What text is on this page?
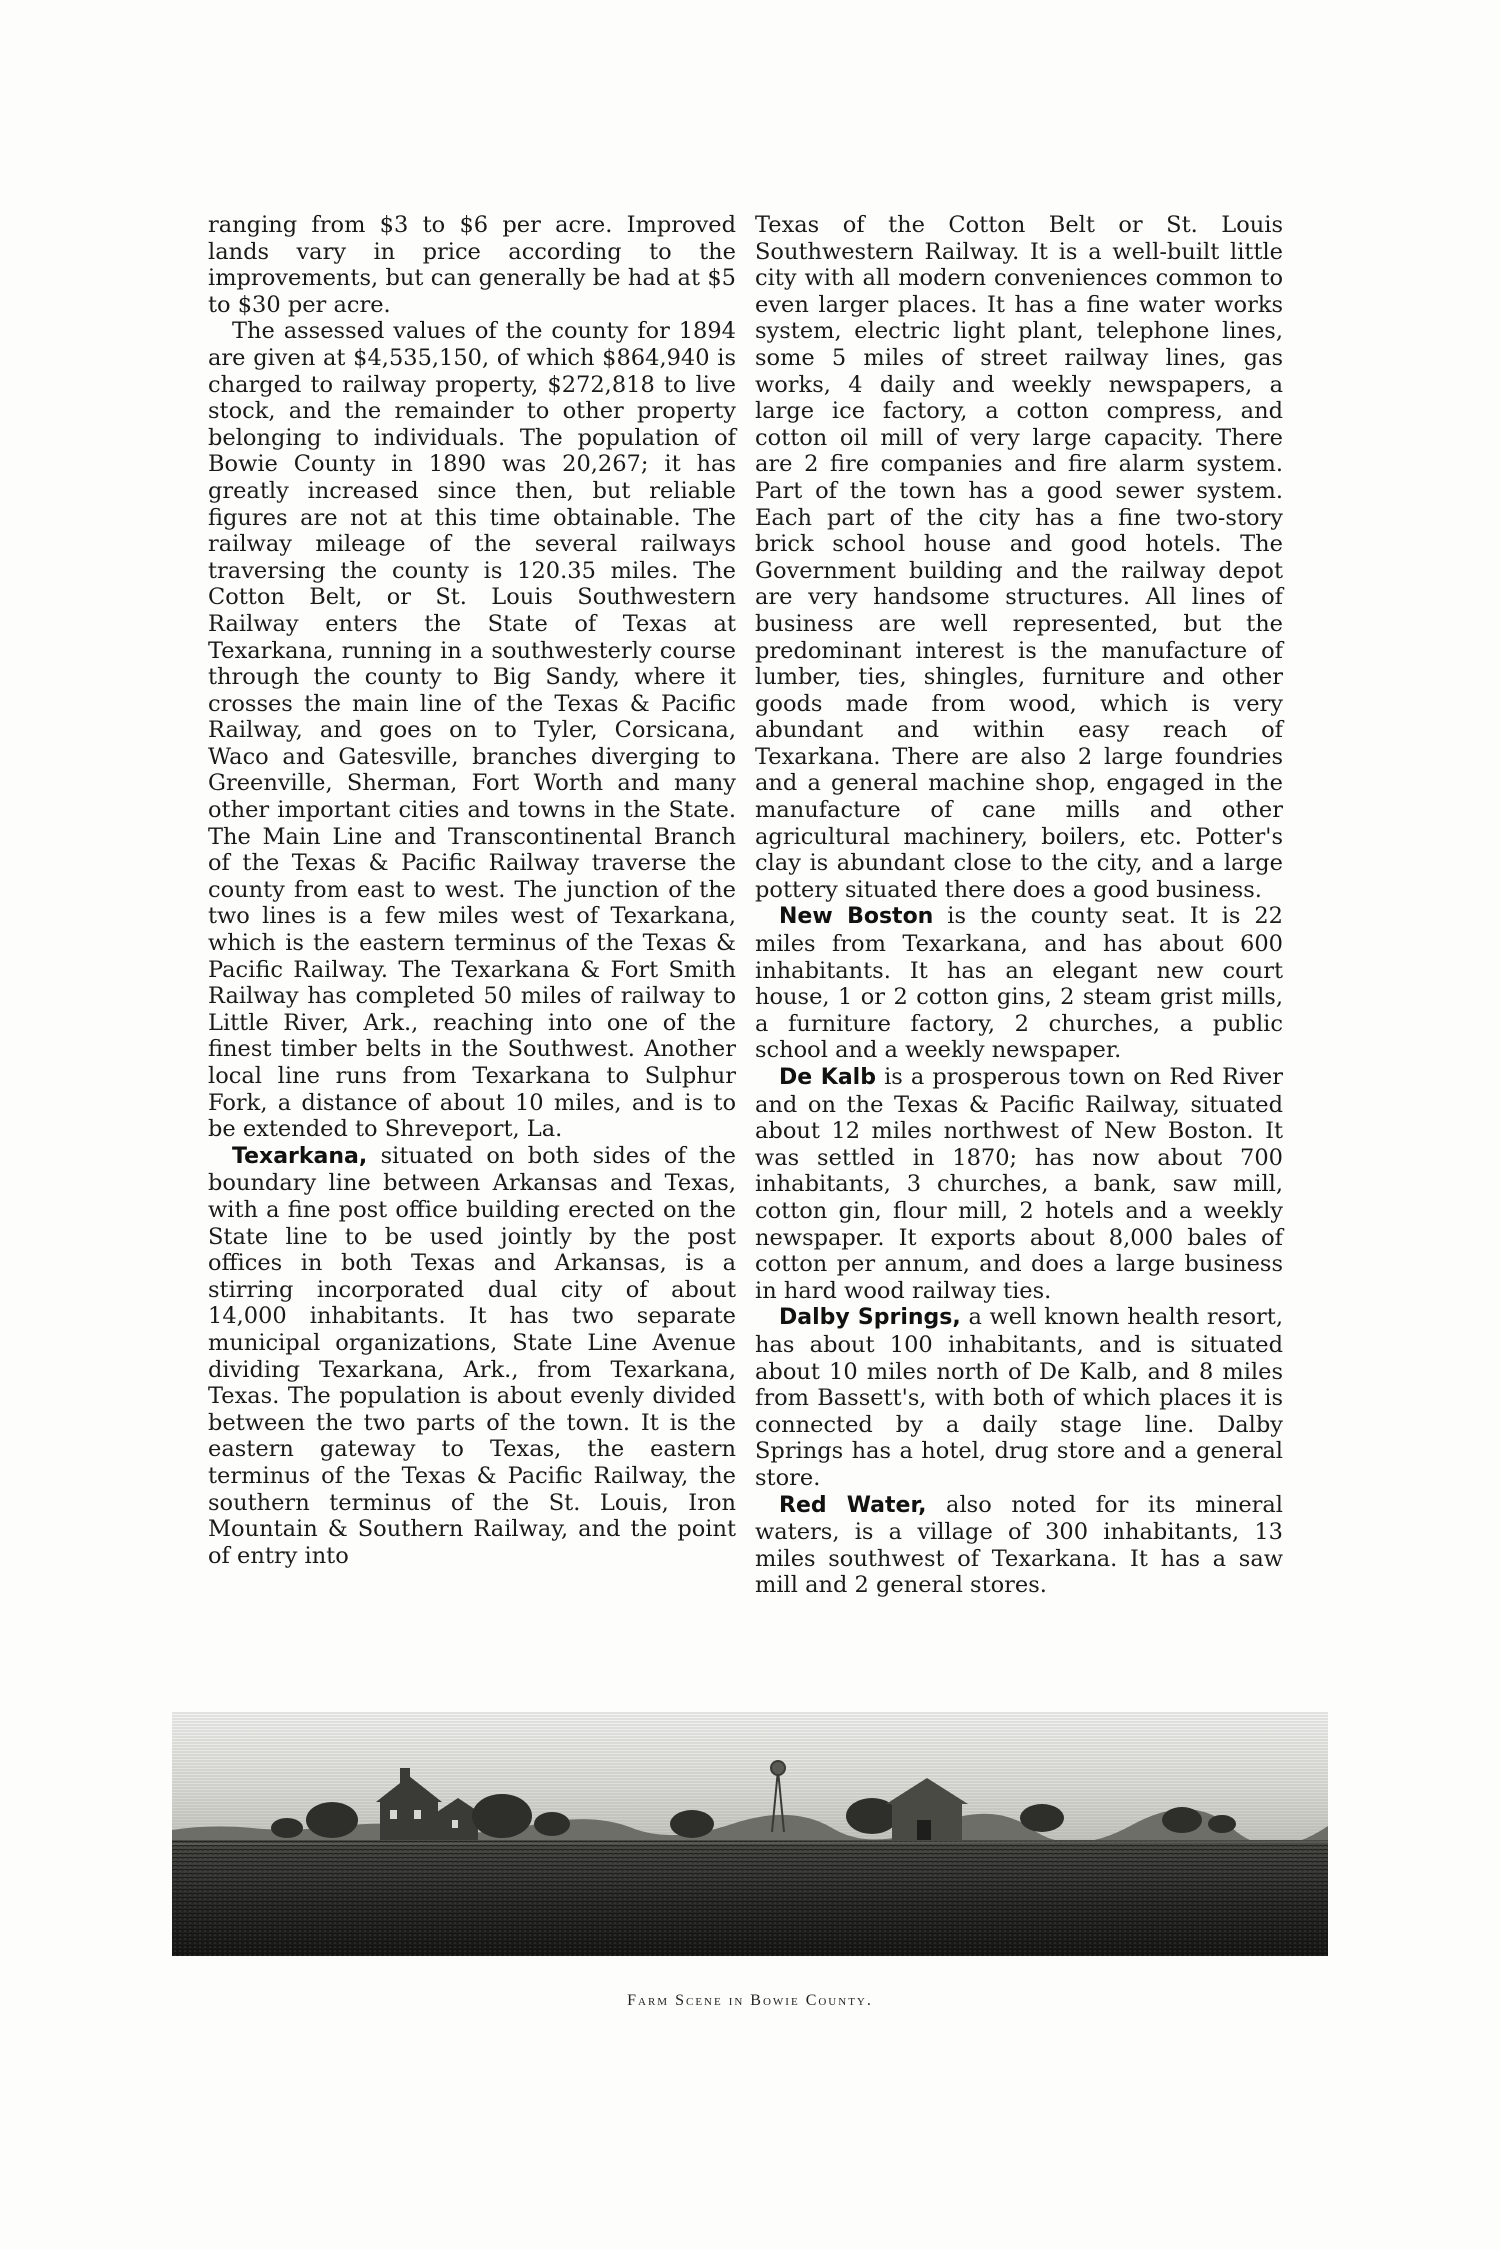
ranging from $3 to $6 per acre. Improved lands vary in price according to the improvements, but can generally be had at $5 to $30 per acre.

The assessed values of the county for 1894 are given at $4,535,150, of which $864,940 is charged to railway property, $272,818 to live stock, and the remainder to other property belonging to individuals. The population of Bowie County in 1890 was 20,267; it has greatly increased since then, but reliable figures are not at this time obtainable. The railway mileage of the several railways traversing the county is 120.35 miles. The Cotton Belt, or St. Louis Southwestern Railway enters the State of Texas at Texarkana, running in a southwesterly course through the county to Big Sandy, where it crosses the main line of the Texas & Pacific Railway, and goes on to Tyler, Corsicana, Waco and Gatesville, branches diverging to Greenville, Sherman, Fort Worth and many other important cities and towns in the State. The Main Line and Transcontinental Branch of the Texas & Pacific Railway traverse the county from east to west. The junction of the two lines is a few miles west of Texarkana, which is the eastern terminus of the Texas & Pacific Railway. The Texarkana & Fort Smith Railway has completed 50 miles of railway to Little River, Ark., reaching into one of the finest timber belts in the Southwest. Another local line runs from Texarkana to Sulphur Fork, a distance of about 10 miles, and is to be extended to Shreveport, La.

Texarkana, situated on both sides of the boundary line between Arkansas and Texas, with a fine post office building erected on the State line to be used jointly by the post offices in both Texas and Arkansas, is a stirring incorporated dual city of about 14,000 inhabitants. It has two separate municipal organizations, State Line Avenue dividing Texarkana, Ark., from Texarkana, Texas. The population is about evenly divided between the two parts of the town. It is the eastern gateway to Texas, the eastern terminus of the Texas & Pacific Railway, the southern terminus of the St. Louis, Iron Mountain & Southern Railway, and the point of entry into

Texas of the Cotton Belt or St. Louis Southwestern Railway. It is a well-built little city with all modern conveniences common to even larger places. It has a fine water works system, electric light plant, telephone lines, some 5 miles of street railway lines, gas works, 4 daily and weekly newspapers, a large ice factory, a cotton compress, and cotton oil mill of very large capacity. There are 2 fire companies and fire alarm system. Part of the town has a good sewer system. Each part of the city has a fine two-story brick school house and good hotels. The Government building and the railway depot are very handsome structures. All lines of business are well represented, but the predominant interest is the manufacture of lumber, ties, shingles, furniture and other goods made from wood, which is very abundant and within easy reach of Texarkana. There are also 2 large foundries and a general machine shop, engaged in the manufacture of cane mills and other agricultural machinery, boilers, etc. Potter's clay is abundant close to the city, and a large pottery situated there does a good business.

New Boston is the county seat. It is 22 miles from Texarkana, and has about 600 inhabitants. It has an elegant new court house, 1 or 2 cotton gins, 2 steam grist mills, a furniture factory, 2 churches, a public school and a weekly newspaper.

De Kalb is a prosperous town on Red River and on the Texas & Pacific Railway, situated about 12 miles northwest of New Boston. It was settled in 1870; has now about 700 inhabitants, 3 churches, a bank, saw mill, cotton gin, flour mill, 2 hotels and a weekly newspaper. It exports about 8,000 bales of cotton per annum, and does a large business in hard wood railway ties.

Dalby Springs, a well known health resort, has about 100 inhabitants, and is situated about 10 miles north of De Kalb, and 8 miles from Bassett's, with both of which places it is connected by a daily stage line. Dalby Springs has a hotel, drug store and a general store.

Red Water, also noted for its mineral waters, is a village of 300 inhabitants, 13 miles southwest of Texarkana. It has a saw mill and 2 general stores.

Farm Scene in Bowie County.
